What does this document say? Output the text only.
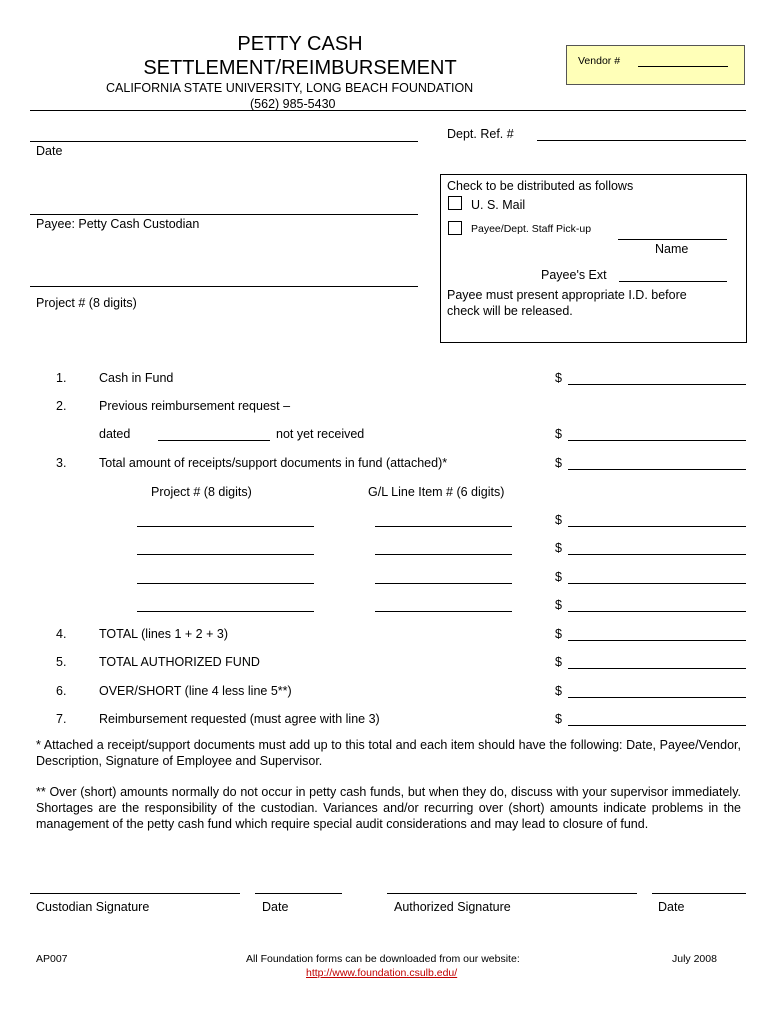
PETTY CASH
SETTLEMENT/REIMBURSEMENT
CALIFORNIA STATE UNIVERSITY, LONG BEACH FOUNDATION
(562) 985-5430
Vendor #
Date
Dept. Ref. #
Payee: Petty Cash Custodian
Project # (8 digits)
Check to be distributed as follows
U. S. Mail
Payee/Dept. Staff Pick-up
Name
Payee's Ext
Payee must present appropriate I.D. before
check will be released.
1.	Cash in Fund	$
2.	Previous reimbursement request –
dated	not yet received	$
3.	Total amount of receipts/support documents in fund (attached)*	$
Project # (8 digits)	G/L Line Item # (6 digits)
$
$
$
$
4.	TOTAL (lines 1 + 2 + 3)	$
5.	TOTAL AUTHORIZED FUND	$
6.	OVER/SHORT (line 4 less line 5**)	$
7.	Reimbursement requested (must agree with line 3)	$
* Attached a receipt/support documents must add up to this total and each item should have the following: Date, Payee/Vendor, Description, Signature of Employee and Supervisor.
** Over (short) amounts normally do not occur in petty cash funds, but when they do, discuss with your supervisor immediately. Shortages are the responsibility of the custodian. Variances and/or recurring over (short) amounts indicate problems in the management of the petty cash fund which require special audit considerations and may lead to closure of fund.
Custodian Signature	Date	Authorized Signature	Date
AP007	All Foundation forms can be downloaded from our website:
http://www.foundation.csulb.edu/
July 2008
